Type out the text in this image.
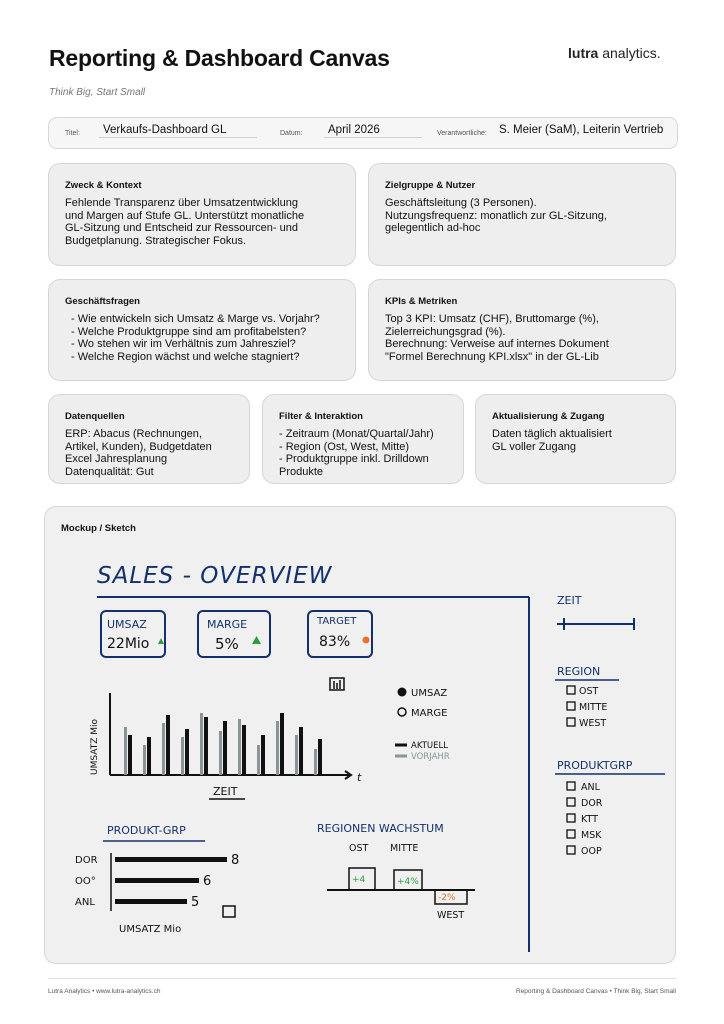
Reporting & Dashboard Canvas
Think Big, Start Small
lutra analytics.
Titel:	Verkaufs-Dashboard GL	Datum:	April 2026	Verantwortliche:	S. Meier (SaM), Leiterin Vertrieb
Zweck & Kontext
Fehlende Transparenz über Umsatzentwicklung
und Margen auf Stufe GL. Unterstützt monatliche
GL-Sitzung und Entscheid zur Ressourcen- und
Budgetplanung. Strategischer Fokus.
Zielgruppe & Nutzer
Geschäftsleitung (3 Personen).
Nutzungsfrequenz: monatlich zur GL-Sitzung,
gelegentlich ad-hoc
Geschäftsfragen
- Wie entwickeln sich Umsatz & Marge vs. Vorjahr?
- Welche Produktgruppe sind am profitabelsten?
- Wo stehen wir im Verhältnis zum Jahresziel?
- Welche Region wächst und welche stagniert?
KPIs & Metriken
Top 3 KPI: Umsatz (CHF), Bruttomarge (%),
Zielerreichungsgrad (%).
Berechnung: Verweise auf internes Dokument
"Formel Berechnung KPI.xlsx" in der GL-Lib
Datenquellen
ERP: Abacus (Rechnungen,
Artikel, Kunden), Budgetdaten
Excel Jahresplanung
Datenqualität: Gut
Filter & Interaktion
- Zeitraum (Monat/Quartal/Jahr)
- Region (Ost, West, Mitte)
- Produktgruppe inkl. Drilldown
Produkte
Aktualisierung & Zugang
Daten täglich aktualisiert
GL voller Zugang
Mockup / Sketch
SALES - OVERVIEW
UMSAZ
22Mio
MARGE
5%
TARGET
83%
t
UMSATZ Mio
ZEIT
UMSAZ
MARGE
AKTUELL
VORJAHR
PRODUKT-GRP
DOR	8
OO°	6
ANL	5
UMSATZ Mio
REGIONEN WACHSTUM
OST MITTE
+4	+4%
-2%
WEST
ZEIT
REGION
OST
MITTE
WEST
PRODUKTGRP
ANL
DOR
KTT
MSK
OOP
Lutra Analytics • www.lutra-analytics.ch	Reporting & Dashboard Canvas • Think Big, Start Small
